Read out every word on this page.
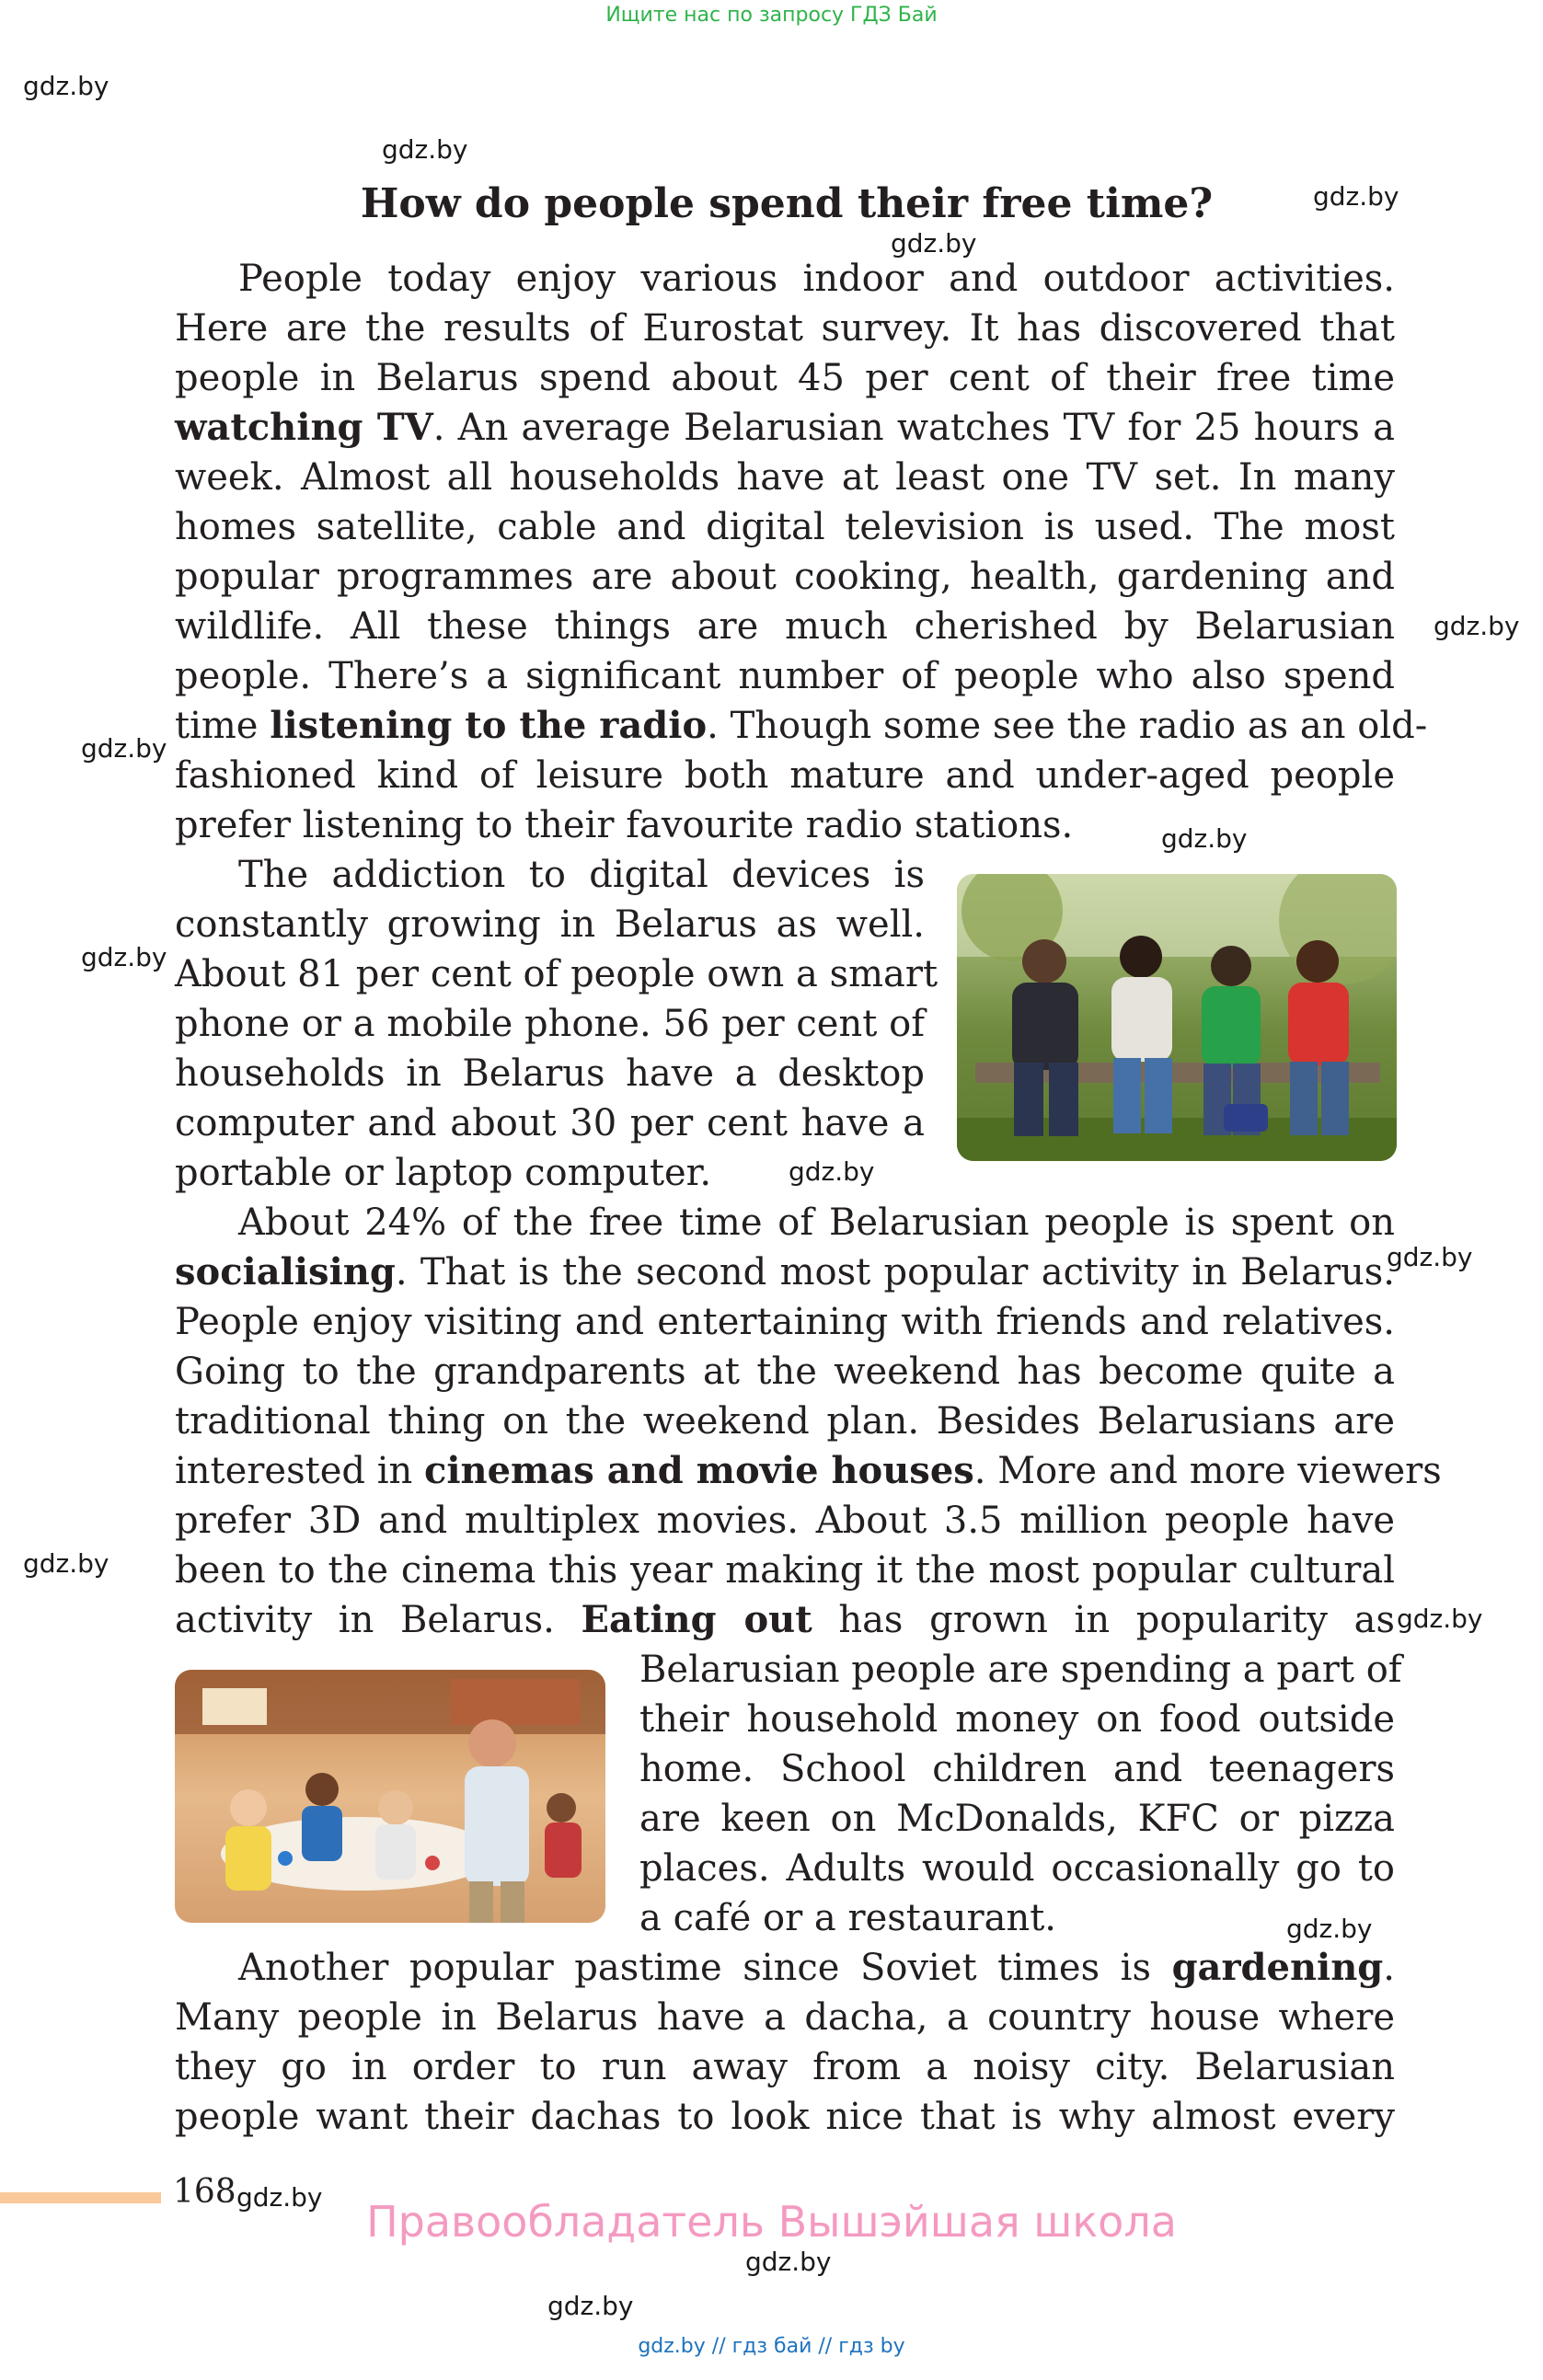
Ищите нас по запросу ГДЗ Бай
gdz.by
gdz.by
gdz.by
gdz.by
gdz.by
gdz.by
gdz.by
gdz.by
gdz.by
gdz.by
gdz.by
gdz.by
gdz.by
gdz.by
gdz.by
gdz.by
How do people spend their free time?
People today enjoy various indoor and outdoor activities.
Here are the results of Eurostat survey. It has discovered that
people in Belarus spend about 45 per cent of their free time
watching TV. An average Belarusian watches TV for 25 hours a
week. Almost all households have at least one TV set. In many
homes satellite, cable and digital television is used. The most
popular programmes are about cooking, health, gardening and
wildlife. All these things are much cherished by Belarusian
people. There’s a significant number of people who also spend
time listening to the radio. Though some see the radio as an old-
fashioned kind of leisure both mature and under-aged people
prefer listening to their favourite radio stations.
The addiction to digital devices is
constantly growing in Belarus as well.
About 81 per cent of people own a smart
phone or a mobile phone. 56 per cent of
households in Belarus have a desktop
computer and about 30 per cent have a
portable or laptop computer.
About 24% of the free time of Belarusian people is spent on
socialising. That is the second most popular activity in Belarus.
People enjoy visiting and entertaining with friends and relatives.
Going to the grandparents at the weekend has become quite a
traditional thing on the weekend plan. Besides Belarusians are
interested in cinemas and movie houses. More and more viewers
prefer 3D and multiplex movies. About 3.5 million people have
been to the cinema this year making it the most popular cultural
activity in Belarus. Eating out has grown in popularity as
Belarusian people are spending a part of
their household money on food outside
home. School children and teenagers
are keen on McDonalds, KFC or pizza
places. Adults would occasionally go to
a café or a restaurant.
Another popular pastime since Soviet times is gardening.
Many people in Belarus have a dacha, a country house where
they go in order to run away from a noisy city. Belarusian
people want their dachas to look nice that is why almost every
168
Правообладатель Вышэйшая школа
gdz.by // гдз бай // гдз by
